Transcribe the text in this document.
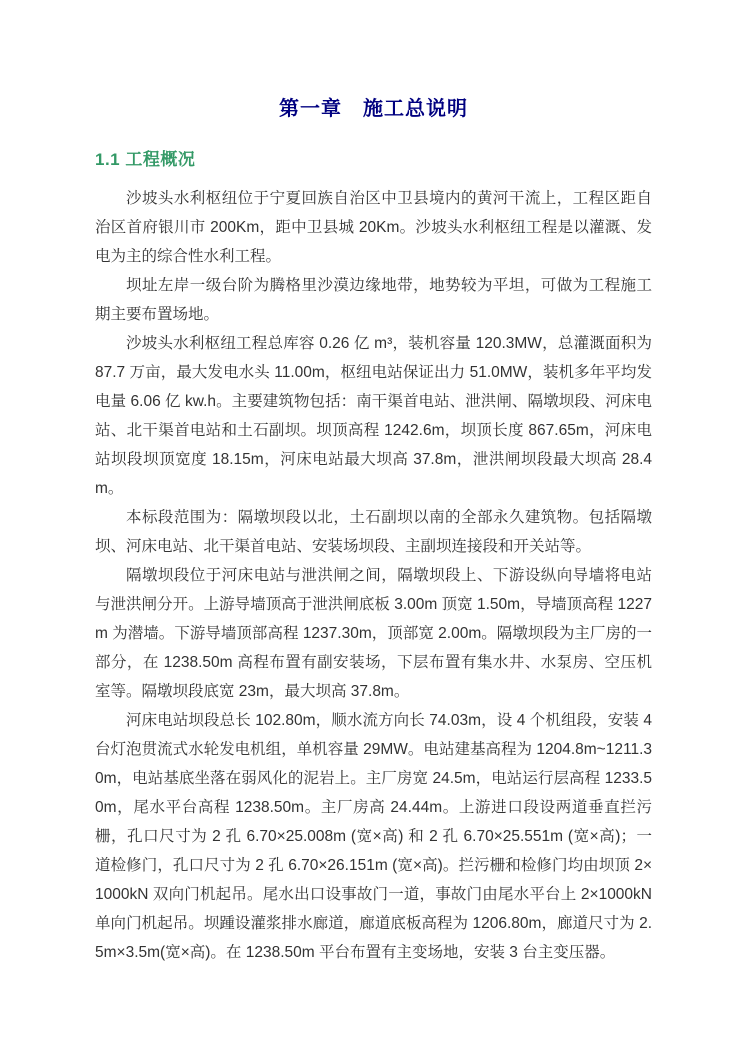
第一章　施工总说明
1.1 工程概况

沙坡头水利枢纽位于宁夏回族自治区中卫县境内的黄河干流上，工程区距自治区首府银川市 200Km，距中卫县城 20Km。沙坡头水利枢纽工程是以灌溉、发电为主的综合性水利工程。

坝址左岸一级台阶为腾格里沙漠边缘地带，地势较为平坦，可做为工程施工期主要布置场地。

沙坡头水利枢纽工程总库容 0.26 亿 m³，装机容量 120.3MW，总灌溉面积为 87.7 万亩，最大发电水头 11.00m，枢纽电站保证出力 51.0MW，装机多年平均发电量 6.06 亿 kw.h。主要建筑物包括：南干渠首电站、泄洪闸、隔墩坝段、河床电站、北干渠首电站和土石副坝。坝顶高程 1242.6m，坝顶长度 867.65m，河床电站坝段坝顶宽度 18.15m，河床电站最大坝高 37.8m，泄洪闸坝段最大坝高 28.4m。

本标段范围为：隔墩坝段以北，土石副坝以南的全部永久建筑物。包括隔墩坝、河床电站、北干渠首电站、安装场坝段、主副坝连接段和开关站等。

隔墩坝段位于河床电站与泄洪闸之间，隔墩坝段上、下游设纵向导墙将电站与泄洪闸分开。上游导墙顶高于泄洪闸底板 3.00m 顶宽 1.50m，导墙顶高程 1227m 为潜墙。下游导墙顶部高程 1237.30m，顶部宽 2.00m。隔墩坝段为主厂房的一部分，在 1238.50m 高程布置有副安装场，下层布置有集水井、水泵房、空压机室等。隔墩坝段底宽 23m，最大坝高 37.8m。

河床电站坝段总长 102.80m，顺水流方向长 74.03m，设 4 个机组段，安装 4 台灯泡贯流式水轮发电机组，单机容量 29MW。电站建基高程为 1204.8m~1211.30m，电站基底坐落在弱风化的泥岩上。主厂房宽 24.5m，电站运行层高程 1233.50m，尾水平台高程 1238.50m。主厂房高 24.44m。上游进口段设两道垂直拦污栅，孔口尺寸为 2 孔 6.70×25.008m (宽×高) 和 2 孔 6.70×25.551m (宽×高)；一道检修门，孔口尺寸为 2 孔 6.70×26.151m (宽×高)。拦污栅和检修门均由坝顶 2×1000kN 双向门机起吊。尾水出口设事故门一道，事故门由尾水平台上 2×1000kN 单向门机起吊。坝踵设灌浆排水廊道，廊道底板高程为 1206.80m，廊道尺寸为 2.5m×3.5m(宽×高)。在 1238.50m 平台布置有主变场地，安装 3 台主变压器。
